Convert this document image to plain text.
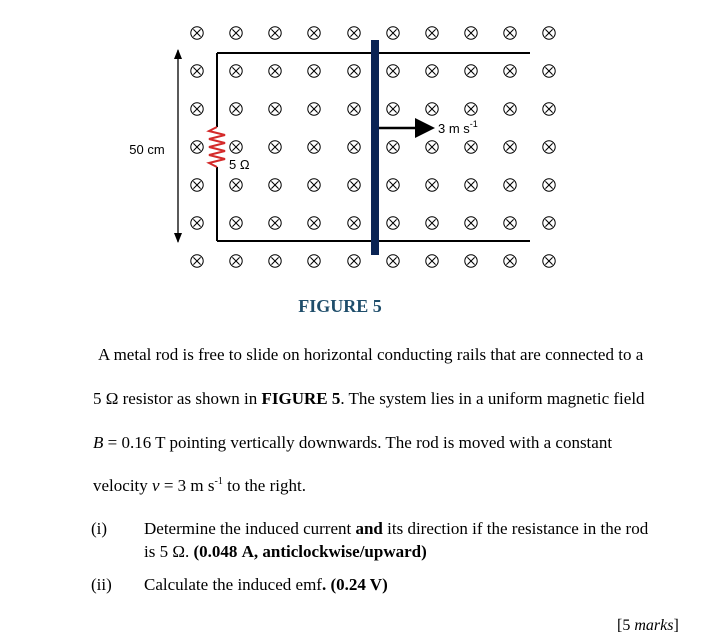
50 cm
5 Ω
3 m $s^{-1}$
FIGURE 5
A metal rod is free to slide on horizontal conducting rails that are connected to a
5 Ω resistor as shown in FIGURE 5. The system lies in a uniform magnetic field
B = 0.16 T pointing vertically downwards. The rod is moved with a constant
velocity v = 3 m $s^{-1}$ to the right.
(i) Determine the induced current and its direction if the resistance in the rod
is 5 Ω. (0.048 A, anticlockwise/upward)
(ii) Calculate the induced emf. (0.24 V)
[5 marks]
